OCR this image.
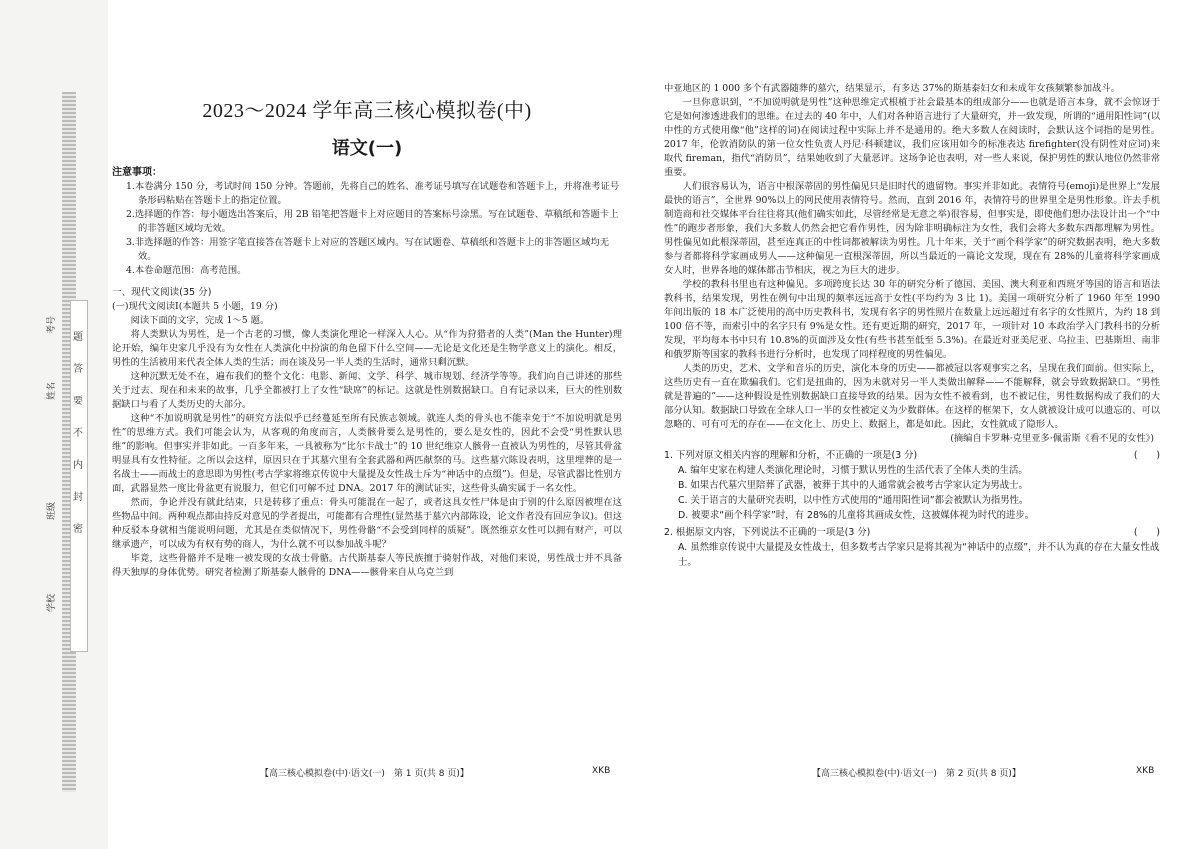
学校
班级
姓名
考号
密
封
内
不
要
答
题
2023～2024 学年高三核心模拟卷(中)
语文(一)

注意事项：

1.本卷满分 150 分，考试时间 150 分钟。答题前，先将自己的姓名、准考证号填写在试题卷和答题卡上，并将准考证号条形码粘贴在答题卡上的指定位置。

2.选择题的作答：每小题选出答案后，用 2B 铅笔把答题卡上对应题目的答案标号涂黑。写在试题卷、草稿纸和答题卡上的非答题区域均无效。

3.非选择题的作答：用签字笔直接答在答题卡上对应的答题区域内。写在试题卷、草稿纸和答题卡上的非答题区域均无效。

4.本卷命题范围：高考范围。

一、现代文阅读(35 分)

(一)现代文阅读Ⅰ(本题共 5 小题，19 分)

阅读下面的文字，完成 1～5 题。

将人类默认为男性，是一个古老的习惯，像人类演化理论一样深入人心。从“作为狩猎者的人类”(Man the Hunter)理论开始，编年史家几乎没有为女性在人类演化中扮演的角色留下什么空间——无论是文化还是生物学意义上的演化。相反，男性的生活被用来代表全体人类的生活；而在谈及另一半人类的生活时，通常只剩沉默。

这种沉默无处不在，遍布我们的整个文化：电影、新闻、文学、科学、城市规划、经济学等等。我们向自己讲述的那些关于过去、现在和未来的故事，几乎全都被打上了女性“缺席”的标记。这就是性别数据缺口。自有记录以来，巨大的性别数据缺口与看了人类历史的大部分。

这种“不加说明就是男性”的研究方法似乎已经蔓延至所有民族志领域。就连人类的骨头也不能幸免于“不加说明就是男性”的思维方式。我们可能会认为，从客观的角度而言，人类骸骨要么是男性的，要么是女性的，因此不会受“男性默认思维”的影响。但事实并非如此。一百多年来，一具被称为“比尔卡战士”的 10 世纪维京人骸骨一直被认为男性的，尽管其骨盆明显具有女性特征。之所以会这样，原因只在于其墓穴里有全套武器和两匹献祭的马。这些墓穴陈设表明，这里埋葬的是一名战士——而战士的意思即为男性(考古学家将维京传说中大量提及女性战士斥为“神话中的点缀”)。但是，尽管武器比性别方面，武器显然一度比骨盆更有说服力，但它们可解不过 DNA。2017 年的测试证实，这些骨头确实属于一名女性。

然而，争论并没有就此结束，只是转移了重点：骨头可能混在一起了，或者这具女性尸体是由于别的什么原因被埋在这些物品中间。两种观点都由持反对意见的学者提出，可能都有合理性(显然基于墓穴内部陈设，论文作者没有回应争议)。但这种反驳本身就相当能说明问题，尤其是在类似情况下，男性骨骼“不会受到同样的质疑”。既然维京女性可以拥有财产，可以继承遗产，可以成为有权有势的商人，为什么就不可以参加战斗呢？

毕竟，这些骨骼并不是唯一被发现的女战士骨骼。古代斯基泰人等民族擅于骑射作战，对他们来说，男性战士并不具备得天独厚的身体优势。研究者检测了斯基泰人骸骨的 DNA——骸骨来自从乌克兰到

【高三核心模拟卷(中)·语文(一)　第 1 页(共 8 页)】	XKB

中亚地区的 1 000 多个有武器随葬的墓穴，结果显示，有多达 37%的斯基泰妇女和未成年女孩频繁参加战斗。

一旦你意识到，“不加说明就是男性”这种思维定式根植于社会最基本的组成部分——也就是语言本身，就不会惊讶于它是如何渗透进我们的思维。在过去的 40 年中，人们对各种语言进行了大量研究，并一致发现，所谓的“通用阳性词”(以中性的方式使用像“他”这样的词)在阅读过程中实际上并不是通用的。绝大多数人在阅读时，会默认这个词指的是男性。2017 年，伦敦消防队的第一位女性负责人丹尼·科顿建议，我们应该用如今的标准表达 firefighter(没有阴性对应词)来取代 fireman，指代“消防员”，结果她收到了大量恶评。这场争论也表明，对一些人来说，保护男性的默认地位仍然非常重要。

人们很容易认为，语言中根深蒂固的男性偏见只是旧时代的遗留物。事实并非如此。表情符号(emoji)是世界上“发展最快的语言”，全世界 90%以上的网民使用表情符号。然而，直到 2016 年，表情符号的世界里全是男性形象。许去手机制造商和社交媒体平台往往将其(他们确实如此，尽管经常是无意之举)很容易，但事实是，即使他们想办法设计出一个“中性”的跑步者形象，我们大多数人仍然会把它看作男性，因为除非明确标注为女性，我们会将大多数东西都理解为男性。男性偏见如此根深蒂固，甚至连真正的中性词都被解读为男性。几十年来，关于“画个科学家”的研究数据表明，绝大多数参与者都将科学家画成男人——这种偏见一直根深蒂固，所以当最近的一篇论文发现，现在有 28%的儿童将科学家画成女人时，世界各地的媒体都击节相庆，视之为巨大的进步。

学校的教科书里也有这种偏见。多项跨度长达 30 年的研究分析了德国、美国、澳大利亚和西班牙等国的语言和语法教科书，结果发现，男性在例句中出现的频率远远高于女性(平均约为 3 比 1)。美国一项研究分析了 1960 年至 1990 年间出版的 18 本广泛使用的高中历史教科书，发现有名字的男性照片在数量上远远超过有名字的女性照片，为约 18 到 100 倍不等，而索引中的名字只有 9%是女性。还有更近期的研究，2017 年，一项针对 10 本政治学入门教科书的分析发现，平均每本书中只有 10.8%的页面涉及女性(有些书甚至低至 5.3%)。在最近对亚美尼亚、乌拉圭、巴基斯坦、南非和俄罗斯等国家的教科书进行分析时，也发现了同样程度的男性偏见。

人类的历史，艺术、文学和音乐的历史，演化本身的历史——都被冠以客观事实之名，呈现在我们面前。但实际上，这些历史有一直在欺骗我们。它们是扭曲的，因为未就对另一半人类做出解释——不能解释，就会导致数据缺口。“男性就是普遍的”——这种假设是性别数据缺口直接导致的结果。因为女性不被看到，也不被记住，男性数据构成了我们的大部分认知。数据缺口导致在全球人口一半的女性被定义为少数群体。在这样的框架下，女人就被设计成可以遗忘的、可以忽略的、可有可无的存在——在文化上、历史上、数据上，都是如此。因此，女性就成了隐形人。

(摘编自卡罗琳·克里亚多·佩雷斯《看不见的女性》)

1. 下列对原文相关内容的理解和分析，不正确的一项是(3 分)	(　　)

A. 编年史家在构建人类演化理论时，习惯于默认男性的生活代表了全体人类的生活。

B. 如果古代墓穴里陪葬了武器，被葬于其中的人通常就会被考古学家认定为男战士。

C. 关于语言的大量研究表明，以中性方式使用的“通用阳性词”都会被默认为指男性。

D. 被要求“画个科学家”时，有 28%的儿童将其画成女性，这被媒体视为时代的进步。

2. 根据原文内容，下列说法不正确的一项是(3 分)	(　　)

A. 虽然维京传说中大量提及女性战士，但多数考古学家只是将其视为“神话中的点缀”，并不认为真的存在大量女性战士。

【高三核心模拟卷(中)·语文(一)　第 2 页(共 8 页)】	XKB
